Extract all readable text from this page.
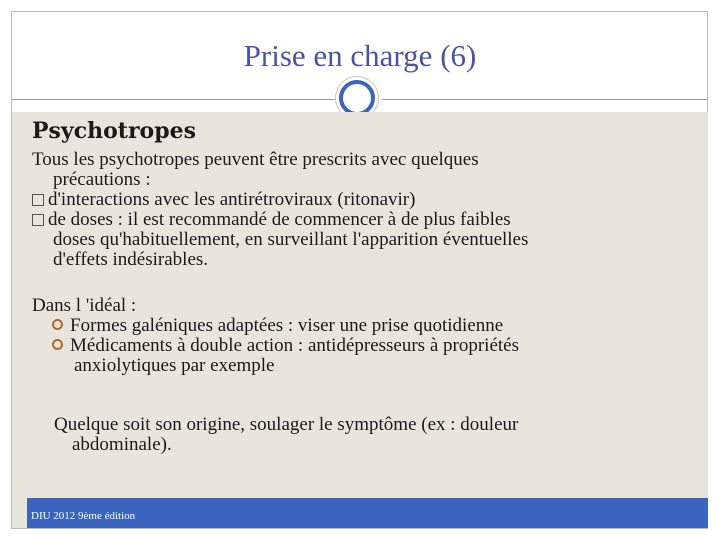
Prise en charge (6)
Psychotropes
Tous les psychotropes peuvent être prescrits avec quelques
précautions :
d'interactions avec les antirétroviraux (ritonavir)
de doses : il est recommandé de commencer à de plus faibles
doses qu'habituellement, en surveillant l'apparition éventuelles
d'effets indésirables.
Dans l 'idéal :
Formes galéniques adaptées : viser une prise quotidienne
Médicaments à double action : antidépresseurs à propriétés
anxiolytiques par exemple
Quelque soit son origine, soulager le symptôme (ex : douleur
abdominale).
DIU 2012 9ème édition
